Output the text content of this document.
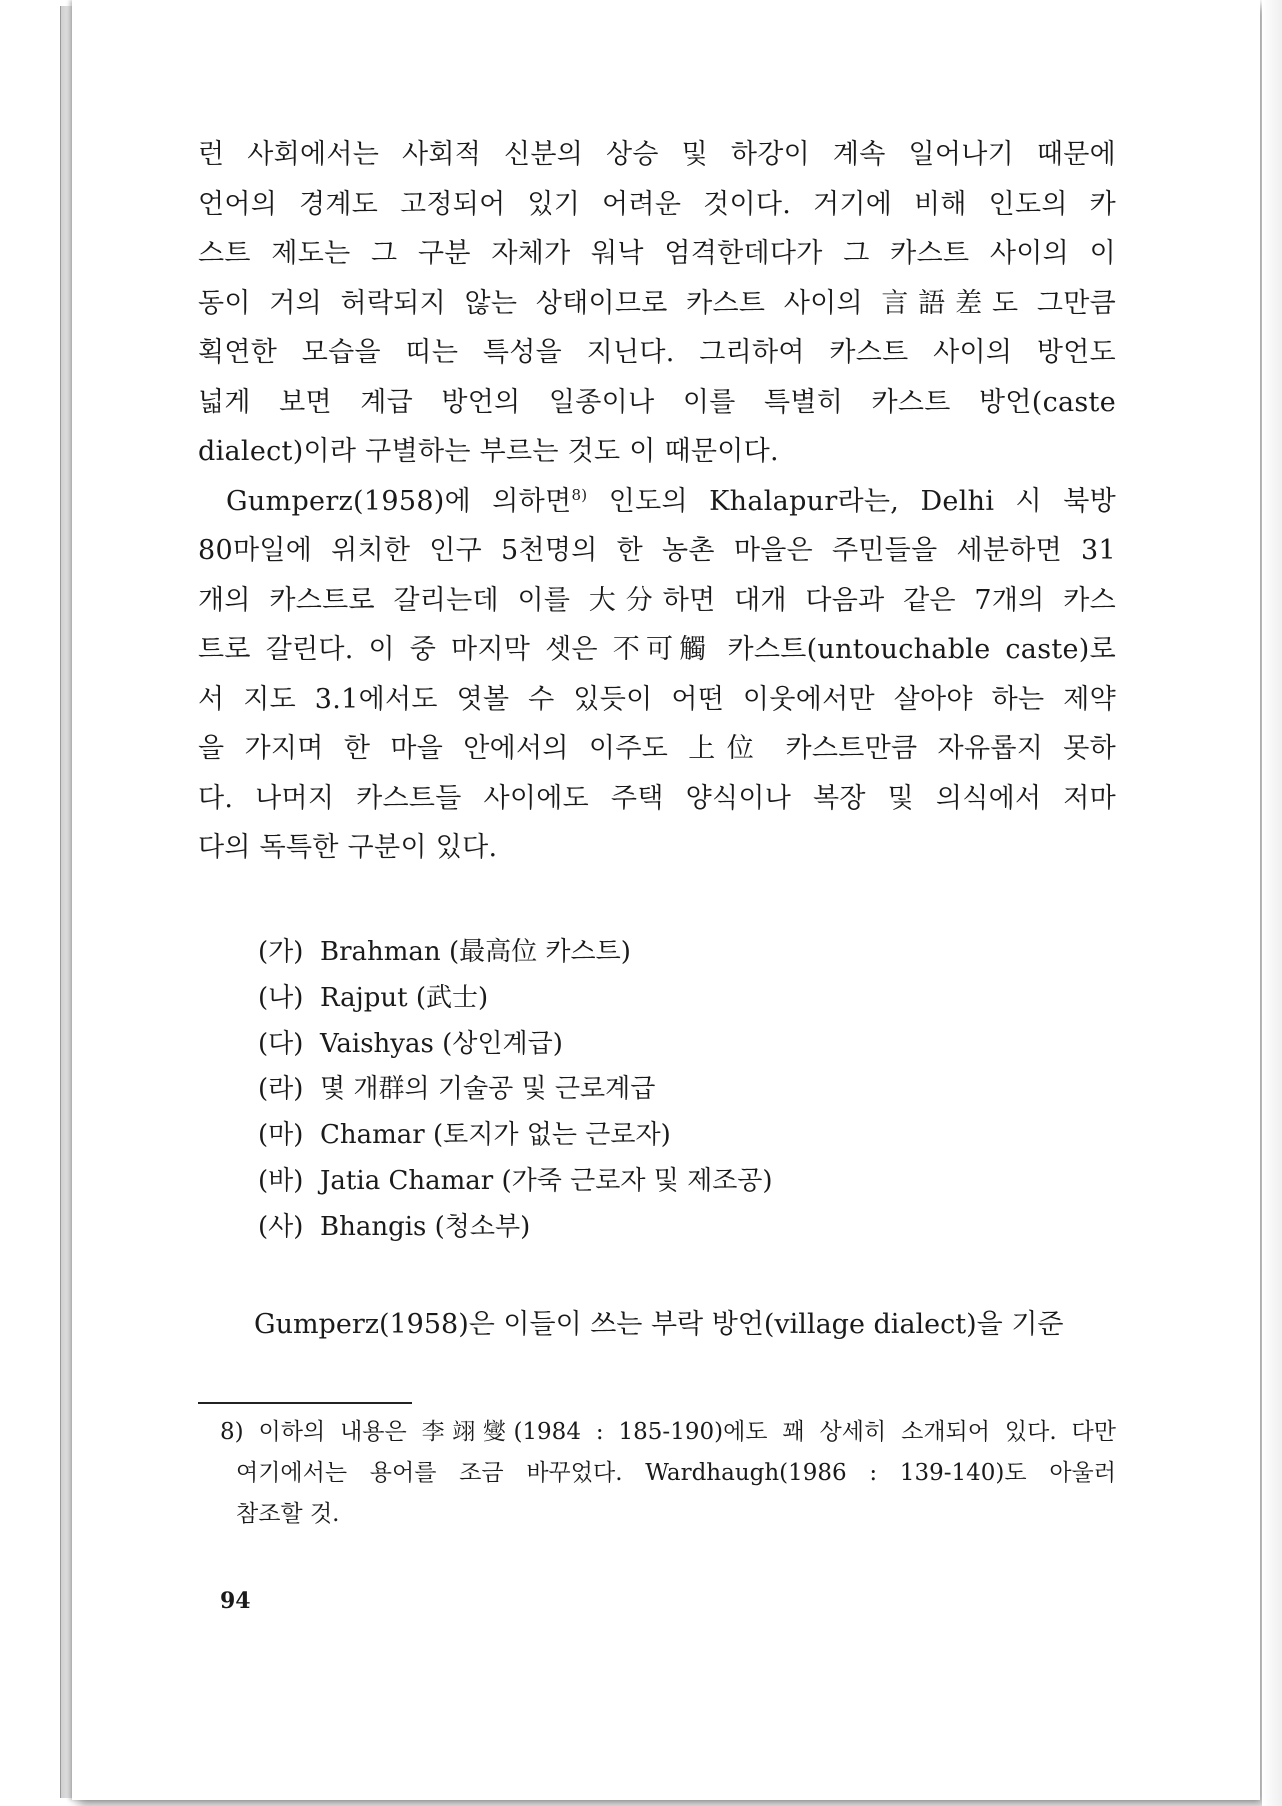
런 사회에서는 사회적 신분의 상승 및 하강이 계속 일어나기 때문에
언어의 경계도 고정되어 있기 어려운 것이다. 거기에 비해 인도의 카
스트 제도는 그 구분 자체가 워낙 엄격한데다가 그 카스트 사이의 이
동이 거의 허락되지 않는 상태이므로 카스트 사이의 言語差도 그만큼
획연한 모습을 띠는 특성을 지닌다. 그리하여 카스트 사이의 방언도
넓게 보면 계급 방언의 일종이나 이를 특별히 카스트 방언(caste
dialect)이라 구별하는 부르는 것도 이 때문이다.

Gumperz(1958)에 의하면$^{8)}$ 인도의 Khalapur라는, Delhi 시 북방
80마일에 위치한 인구 5천명의 한 농촌 마을은 주민들을 세분하면 31
개의 카스트로 갈리는데 이를 大分하면 대개 다음과 같은 7개의 카스
트로 갈린다. 이 중 마지막 셋은 不可觸 카스트(untouchable caste)로
서 지도 3.1에서도 엿볼 수 있듯이 어떤 이웃에서만 살아야 하는 제약
을 가지며 한 마을 안에서의 이주도 上位 카스트만큼 자유롭지 못하
다. 나머지 카스트들 사이에도 주택 양식이나 복장 및 의식에서 저마
다의 독특한 구분이 있다.

(가) Brahman (最高位 카스트)
(나) Rajput (武士)
(다) Vaishyas (상인계급)
(라) 몇 개群의 기술공 및 근로계급
(마) Chamar (토지가 없는 근로자)
(바) Jatia Chamar (가죽 근로자 및 제조공)
(사) Bhangis (청소부)
Gumperz(1958)은 이들이 쓰는 부락 방언(village dialect)을 기준
8) 이하의 내용은 李翊燮(1984 : 185-190)에도 꽤 상세히 소개되어 있다. 다만
여기에서는 용어를 조금 바꾸었다. Wardhaugh(1986 : 139-140)도 아울러
참조할 것.
94
